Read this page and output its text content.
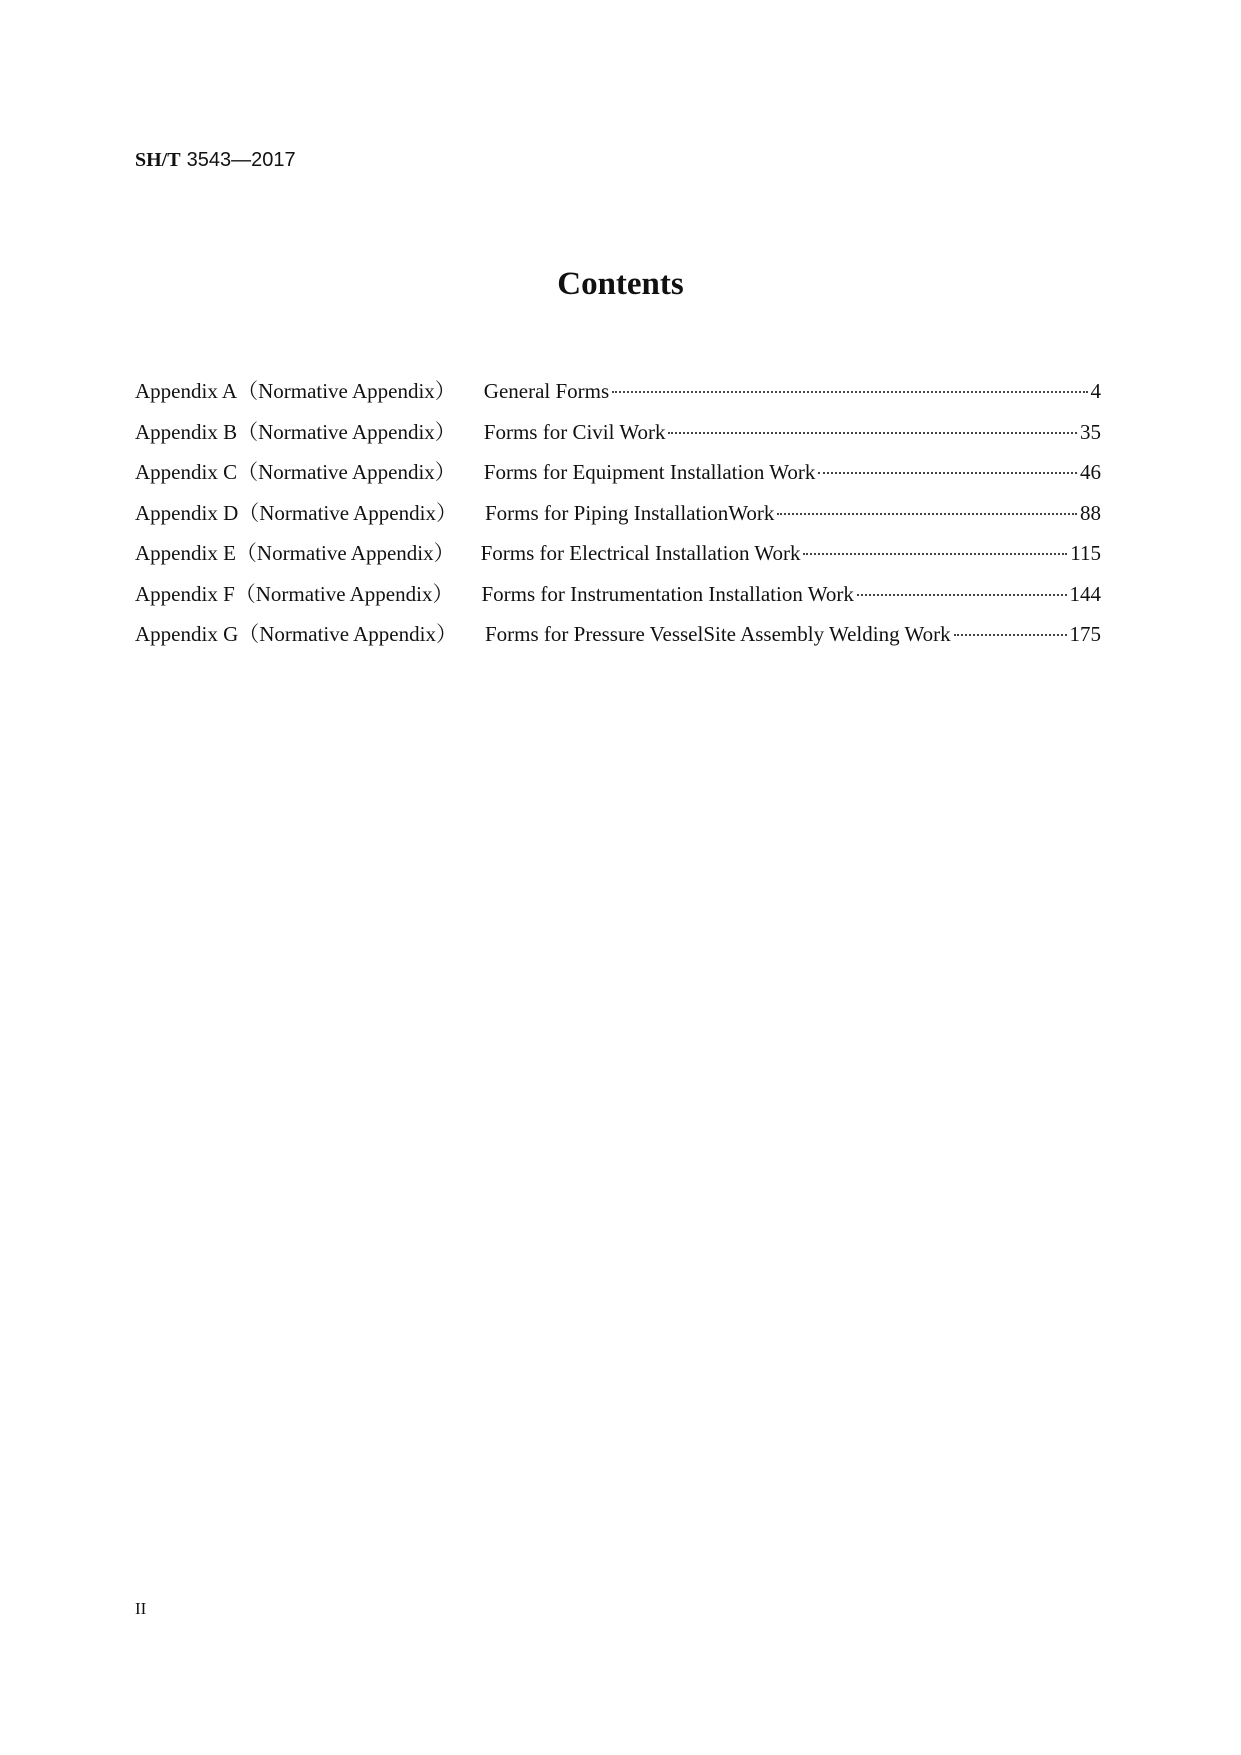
SH/T 3543—2017
Contents
Appendix A （Normative Appendix） General Forms	4
Appendix B （Normative Appendix） Forms for Civil Work	35
Appendix C （Normative Appendix） Forms for Equipment Installation Work	46
Appendix D （Normative Appendix） Forms for Piping InstallationWork	88
Appendix E （Normative Appendix） Forms for Electrical Installation Work	115
Appendix F （Normative Appendix） Forms for Instrumentation Installation Work	144
Appendix G （Normative Appendix） Forms for Pressure VesselSite Assembly Welding Work	175
II
